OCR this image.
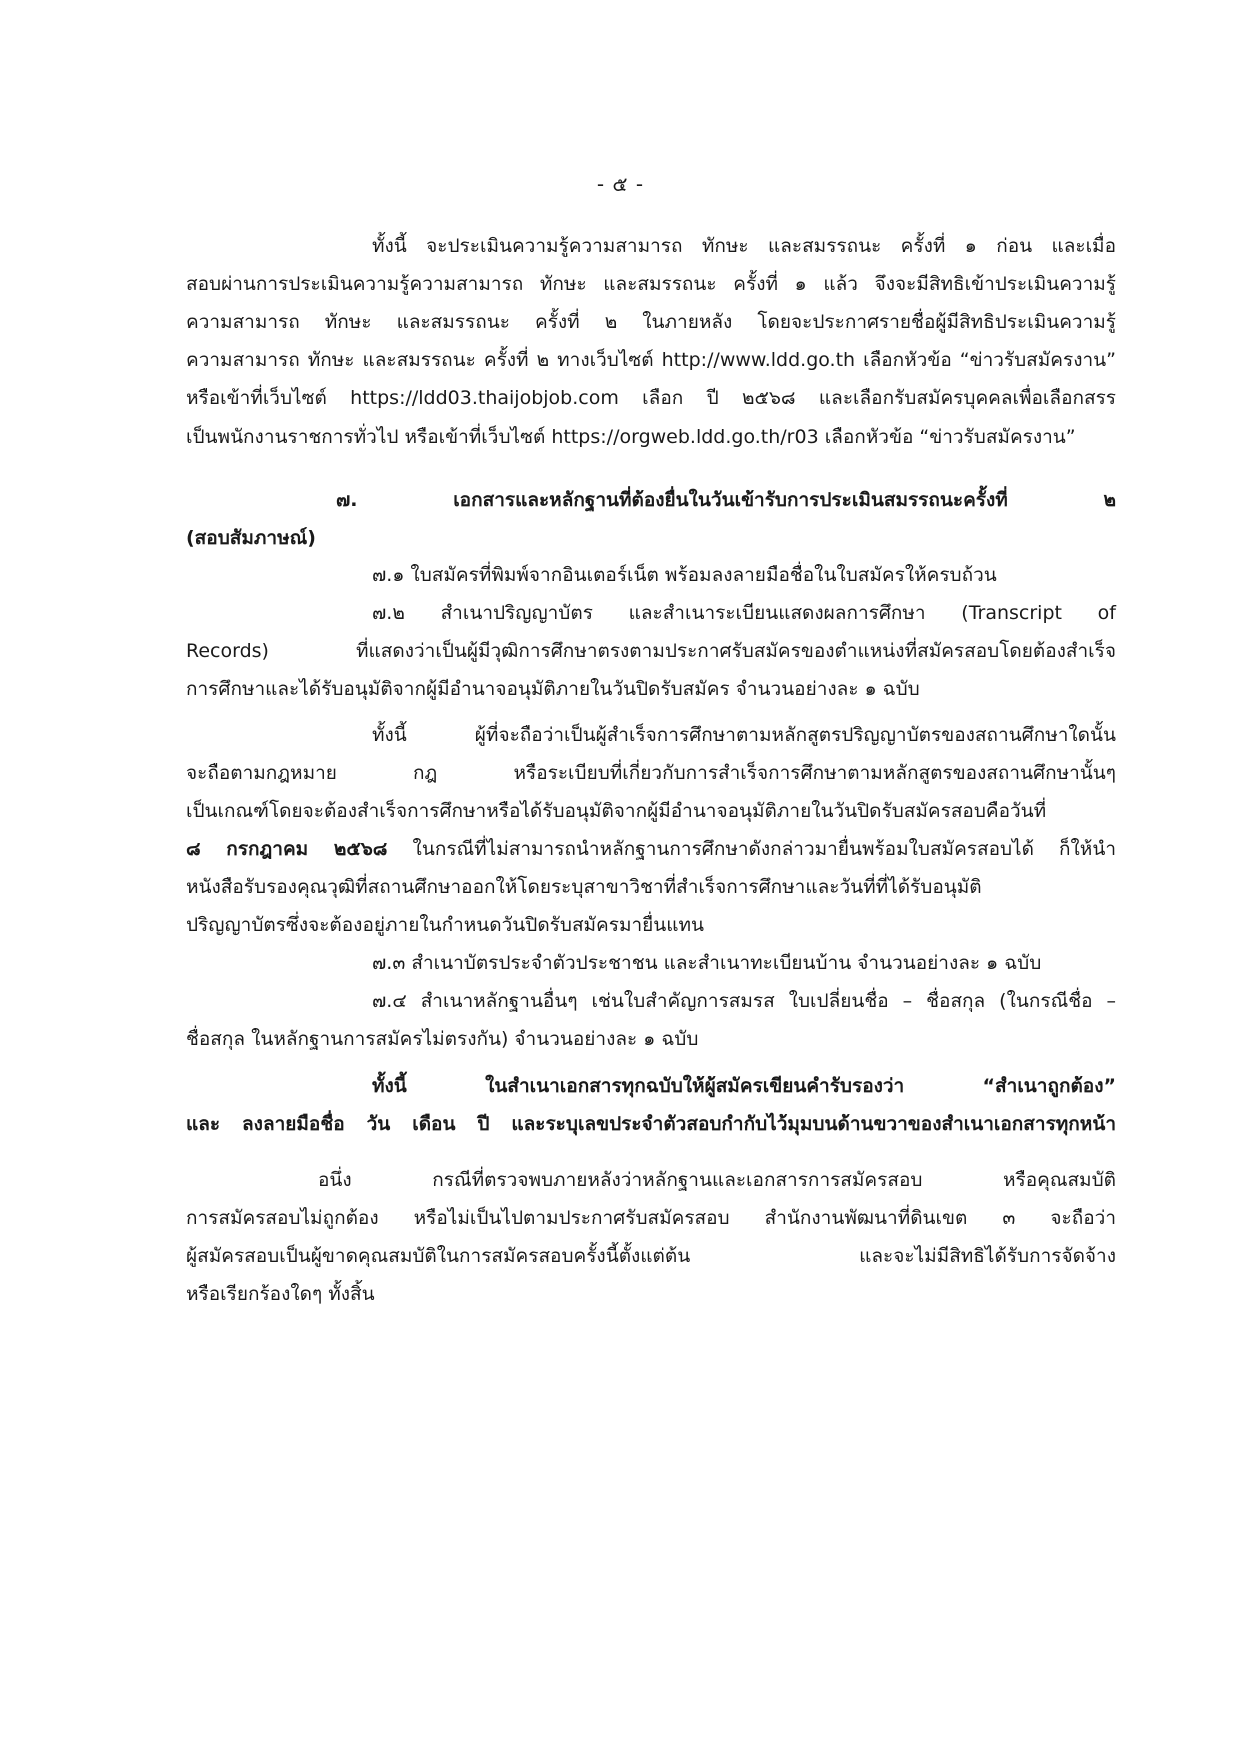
- ๕ -
ทั้งนี้ จะประเมินความรู้ความสามารถ ทักษะ และสมรรถนะ ครั้งที่ ๑ ก่อน และเมื่อ
สอบผ่านการประเมินความรู้ความสามารถ ทักษะ และสมรรถนะ ครั้งที่ ๑ แล้ว จึงจะมีสิทธิเข้าประเมินความรู้
ความสามารถ ทักษะ และสมรรถนะ ครั้งที่ ๒ ในภายหลัง โดยจะประกาศรายชื่อผู้มีสิทธิประเมินความรู้
ความสามารถ ทักษะ และสมรรถนะ ครั้งที่ ๒ ทางเว็บไซต์ http://www.ldd.go.th เลือกหัวข้อ “ข่าวรับสมัครงาน”
หรือเข้าที่เว็บไซต์ https://ldd03.thaijobjob.com เลือก ปี ๒๕๖๘ และเลือกรับสมัครบุคคลเพื่อเลือกสรร
เป็นพนักงานราชการทั่วไป หรือเข้าที่เว็บไซต์ https://orgweb.ldd.go.th/r03 เลือกหัวข้อ “ข่าวรับสมัครงาน”
๗. เอกสารและหลักฐานที่ต้องยื่นในวันเข้ารับการประเมินสมรรถนะครั้งที่ ๒
(สอบสัมภาษณ์)
๗.๑ ใบสมัครที่พิมพ์จากอินเตอร์เน็ต พร้อมลงลายมือชื่อในใบสมัครให้ครบถ้วน
๗.๒ สำเนาปริญญาบัตร และสำเนาระเบียนแสดงผลการศึกษา (Transcript of
Records) ที่แสดงว่าเป็นผู้มีวุฒิการศึกษาตรงตามประกาศรับสมัครของตำแหน่งที่สมัครสอบโดยต้องสำเร็จ
การศึกษาและได้รับอนุมัติจากผู้มีอำนาจอนุมัติภายในวันปิดรับสมัคร จำนวนอย่างละ ๑ ฉบับ
ทั้งนี้ ผู้ที่จะถือว่าเป็นผู้สำเร็จการศึกษาตามหลักสูตรปริญญาบัตรของสถานศึกษาใดนั้น
จะถือตามกฎหมาย กฎ หรือระเบียบที่เกี่ยวกับการสำเร็จการศึกษาตามหลักสูตรของสถานศึกษานั้นๆ
เป็นเกณฑ์โดยจะต้องสำเร็จการศึกษาหรือได้รับอนุมัติจากผู้มีอำนาจอนุมัติภายในวันปิดรับสมัครสอบคือวันที่
๘ กรกฎาคม ๒๕๖๘ ในกรณีที่ไม่สามารถนำหลักฐานการศึกษาดังกล่าวมายื่นพร้อมใบสมัครสอบได้ ก็ให้นำ
หนังสือรับรองคุณวุฒิที่สถานศึกษาออกให้โดยระบุสาขาวิชาที่สำเร็จการศึกษาและวันที่ที่ได้รับอนุมัติ
ปริญญาบัตรซึ่งจะต้องอยู่ภายในกำหนดวันปิดรับสมัครมายื่นแทน
๗.๓ สำเนาบัตรประจำตัวประชาชน และสำเนาทะเบียนบ้าน จำนวนอย่างละ ๑ ฉบับ
๗.๔ สำเนาหลักฐานอื่นๆ เช่นใบสำคัญการสมรส ใบเปลี่ยนชื่อ – ชื่อสกุล (ในกรณีชื่อ –
ชื่อสกุล ในหลักฐานการสมัครไม่ตรงกัน) จำนวนอย่างละ ๑ ฉบับ
ทั้งนี้ ในสำเนาเอกสารทุกฉบับให้ผู้สมัครเขียนคำรับรองว่า “สำเนาถูกต้อง”
และ ลงลายมือชื่อ วัน เดือน ปี และระบุเลขประจำตัวสอบกำกับไว้มุมบนด้านขวาของสำเนาเอกสารทุกหน้า
อนึ่ง กรณีที่ตรวจพบภายหลังว่าหลักฐานและเอกสารการสมัครสอบ หรือคุณสมบัติ
การสมัครสอบไม่ถูกต้อง หรือไม่เป็นไปตามประกาศรับสมัครสอบ สำนักงานพัฒนาที่ดินเขต ๓ จะถือว่า
ผู้สมัครสอบเป็นผู้ขาดคุณสมบัติในการสมัครสอบครั้งนี้ตั้งแต่ต้น และจะไม่มีสิทธิได้รับการจัดจ้าง
หรือเรียกร้องใดๆ ทั้งสิ้น
